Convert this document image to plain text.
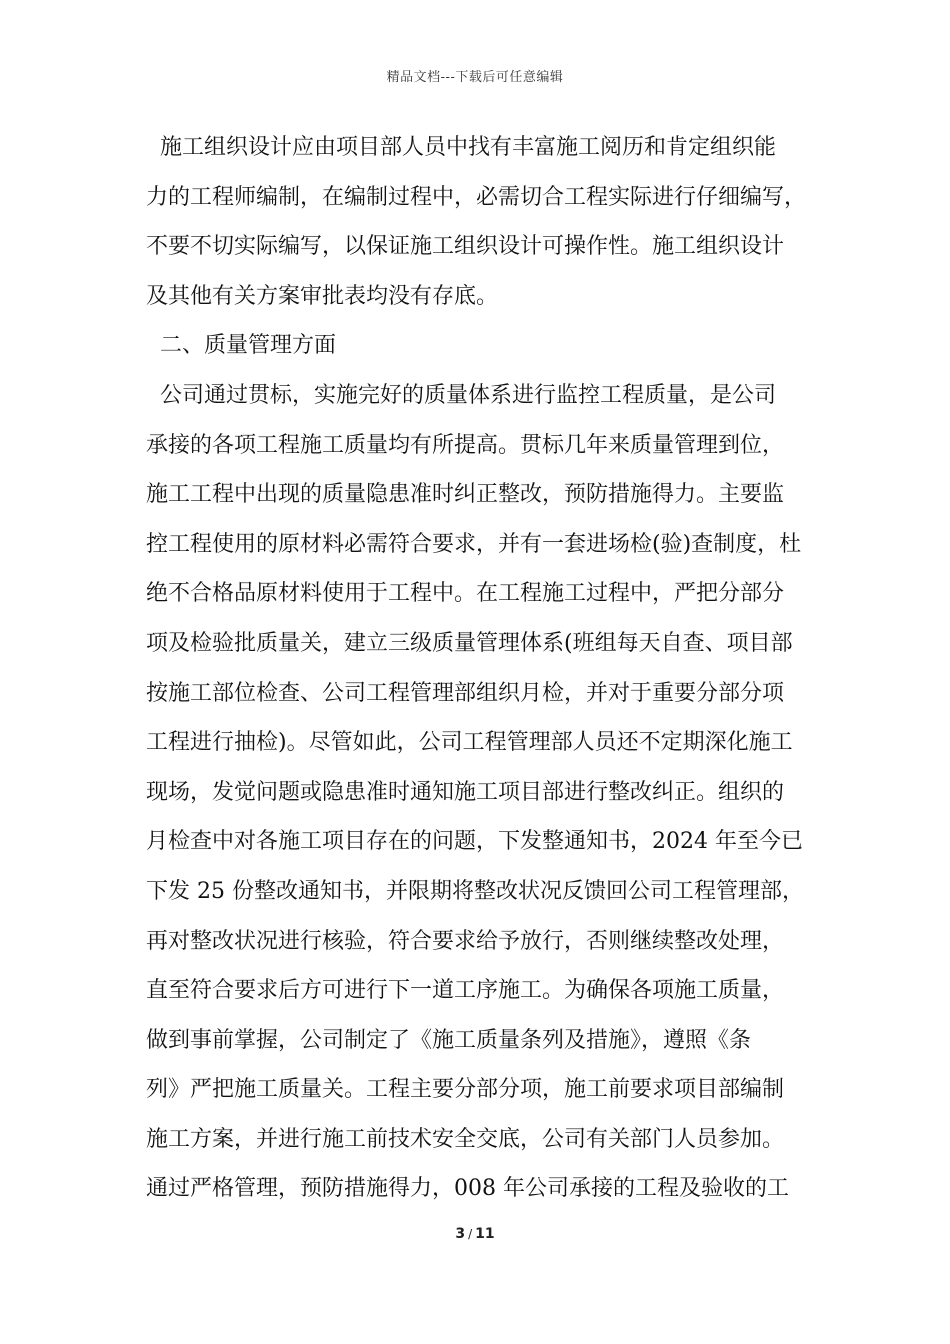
精品文档---下载后可任意编辑
施工组织设计应由项目部人员中找有丰富施工阅历和肯定组织能
力的工程师编制，在编制过程中，必需切合工程实际进行仔细编写，
不要不切实际编写，以保证施工组织设计可操作性。施工组织设计
及其他有关方案审批表均没有存底。
二、质量管理方面
公司通过贯标，实施完好的质量体系进行监控工程质量，是公司
承接的各项工程施工质量均有所提高。贯标几年来质量管理到位，
施工工程中出现的质量隐患准时纠正整改，预防措施得力。主要监
控工程使用的原材料必需符合要求，并有一套进场检(验)查制度，杜
绝不合格品原材料使用于工程中。在工程施工过程中，严把分部分
项及检验批质量关，建立三级质量管理体系(班组每天自查、项目部
按施工部位检查、公司工程管理部组织月检，并对于重要分部分项
工程进行抽检)。尽管如此，公司工程管理部人员还不定期深化施工
现场，发觉问题或隐患准时通知施工项目部进行整改纠正。组织的
月检查中对各施工项目存在的问题，下发整通知书，2024 年至今已
下发 25 份整改通知书，并限期将整改状况反馈回公司工程管理部，
再对整改状况进行核验，符合要求给予放行，否则继续整改处理，
直至符合要求后方可进行下一道工序施工。为确保各项施工质量，
做到事前掌握，公司制定了《施工质量条列及措施》，遵照《条
列》严把施工质量关。工程主要分部分项，施工前要求项目部编制
施工方案，并进行施工前技术安全交底，公司有关部门人员参加。
通过严格管理，预防措施得力，008 年公司承接的工程及验收的工
3 / 11
